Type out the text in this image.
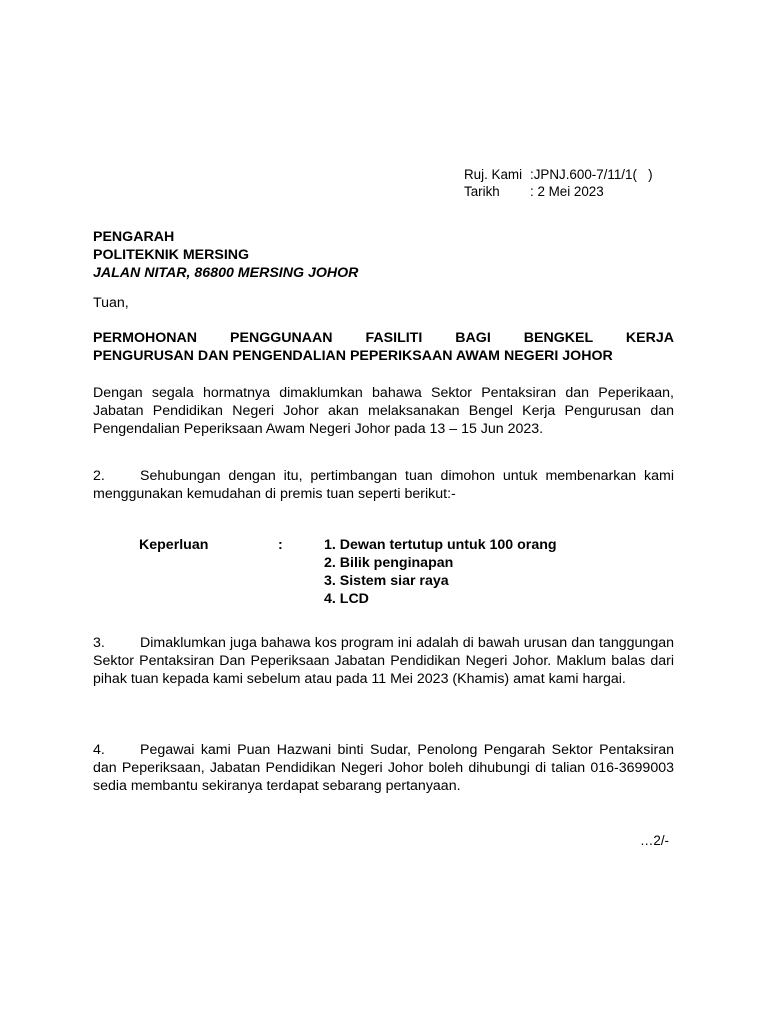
Ruj. Kami :JPNJ.600-7/11/1(   )
Tarikh	: 2 Mei 2023
PENGARAH
POLITEKNIK MERSING
JALAN NITAR, 86800 MERSING JOHOR
Tuan,
PERMOHONAN PENGGUNAAN FASILITI BAGI BENGKEL KERJA
PENGURUSAN DAN PENGENDALIAN PEPERIKSAAN AWAM NEGERI JOHOR
Dengan segala hormatnya dimaklumkan bahawa Sektor Pentaksiran dan Peperikaan, Jabatan Pendidikan Negeri Johor akan melaksanakan Bengel Kerja Pengurusan dan Pengendalian Peperiksaan Awam Negeri Johor pada 13 – 15 Jun 2023.
2. Sehubungan dengan itu, pertimbangan tuan dimohon untuk membenarkan kami menggunakan kemudahan di premis tuan seperti berikut:-
Keperluan	:	1. Dewan tertutup untuk 100 orang
2. Bilik penginapan
3. Sistem siar raya
4. LCD
3. Dimaklumkan juga bahawa kos program ini adalah di bawah urusan dan tanggungan Sektor Pentaksiran Dan Peperiksaan Jabatan Pendidikan Negeri Johor. Maklum balas dari pihak tuan kepada kami sebelum atau pada 11 Mei 2023 (Khamis) amat kami hargai.
4. Pegawai kami Puan Hazwani binti Sudar, Penolong Pengarah Sektor Pentaksiran dan Peperiksaan, Jabatan Pendidikan Negeri Johor boleh dihubungi di talian 016-3699003 sedia membantu sekiranya terdapat sebarang pertanyaan.
…2/-
